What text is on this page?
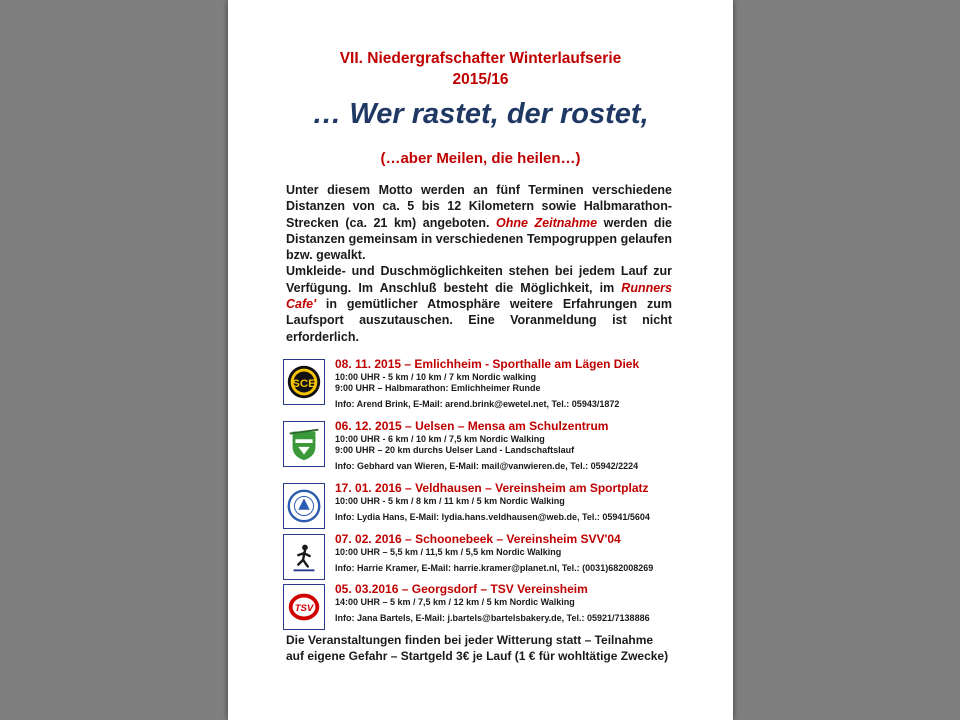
VII. Niedergrafschafter Winterlaufserie
2015/16
… Wer rastet, der rostet,
(…aber Meilen, die heilen…)

Unter diesem Motto werden an fünf Terminen verschiedene Distanzen von ca. 5 bis 12 Kilometern sowie Halbmarathon-Strecken (ca. 21 km) angeboten. Ohne Zeitnahme werden die Distanzen gemeinsam in verschiedenen Tempogruppen gelaufen bzw. gewalkt.

Umkleide- und Duschmöglichkeiten stehen bei jedem Lauf zur Verfügung. Im Anschluß besteht die Möglichkeit, im Runners Cafe' in gemütlicher Atmosphäre weitere Erfahrungen zum Laufsport auszutauschen. Eine Voranmeldung ist nicht erforderlich.

SCE
08. 11. 2015 – Emlichheim - Sporthalle am Lägen Diek
10:00 UHR - 5 km / 10 km / 7 km Nordic walking
9:00 UHR – Halbmarathon: Emlichheimer Runde
Info: Arend Brink, E-Mail: arend.brink@ewetel.net, Tel.: 05943/1872
06. 12. 2015 – Uelsen – Mensa am Schulzentrum
10:00 UHR - 6 km / 10 km / 7,5 km Nordic Walking
9:00 UHR – 20 km durchs Uelser Land - Landschaftslauf
Info: Gebhard van Wieren, E-Mail: mail@vanwieren.de, Tel.: 05942/2224
17. 01. 2016 – Veldhausen – Vereinsheim am Sportplatz
10:00 UHR - 5 km / 8 km / 11 km / 5 km Nordic Walking
Info: Lydia Hans, E-Mail: lydia.hans.veldhausen@web.de, Tel.: 05941/5604
07. 02. 2016 – Schoonebeek – Vereinsheim SVV'04
10:00 UHR – 5,5 km / 11,5 km / 5,5 km Nordic Walking
Info: Harrie Kramer, E-Mail: harrie.kramer@planet.nl, Tel.: (0031)682008269
TSV
05. 03.2016 – Georgsdorf – TSV Vereinsheim
14:00 UHR – 5 km / 7,5 km / 12 km / 5 km Nordic Walking
Info: Jana Bartels, E-Mail: j.bartels@bartelsbakery.de, Tel.: 05921/7138886

Die Veranstaltungen finden bei jeder Witterung statt – Teilnahme

auf eigene Gefahr – Startgeld 3€ je Lauf (1 € für wohltätige Zwecke)
